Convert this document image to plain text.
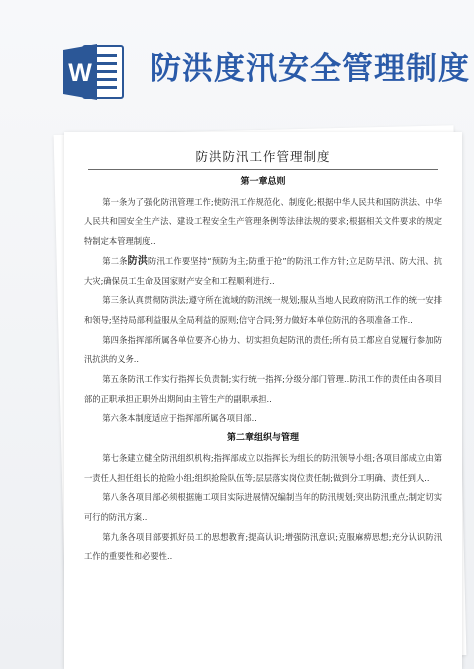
W 防洪度汛安全管理制度
防洪防汛工作管理制度
第一章总则
第一条为了强化防汛管理工作;使防汛工作规范化、制度化;根据中华人民共和国防洪法、中华人民共和国安全生产法、建设工程安全生产管理条例等法律法规的要求;根据相关文件要求的规定特制定本管理制度..
第二条防洪防汛工作要坚持“预防为主;防重于抢”的防汛工作方针;立足防早汛、防大汛、抗大灾;确保员工生命及国家财产安全和工程顺利进行..
第三条认真贯彻防洪法;遵守所在流域的防汛统一规划;服从当地人民政府防汛工作的统一安排和领导;坚持局部利益服从全局利益的原则;信守合同;努力做好本单位防汛的各项准备工作..
第四条指挥部所属各单位要齐心协力、切实担负起防汛的责任;所有员工都应自觉履行参加防汛抗洪的义务..
第五条防汛工作实行指挥长负责制;实行统一指挥;分级分部门管理..防汛工作的责任由各项目部的正职承担正职外出期间由主管生产的副职承担..
第六条本制度适应于指挥部所属各项目部..
第二章组织与管理
第七条建立健全防汛组织机构;指挥部成立以指挥长为组长的防汛领导小组;各项目部成立由第一责任人担任组长的抢险小组;组织抢险队伍等;层层落实岗位责任制;做到分工明确、责任到人..
第八条各项目部必须根据施工项目实际进展情况编制当年的防汛规划;突出防汛重点;制定切实可行的防汛方案..
第九条各项目部要抓好员工的思想教育;提高认识;增强防汛意识;克服麻痹思想;充分认识防汛工作的重要性和必要性..
